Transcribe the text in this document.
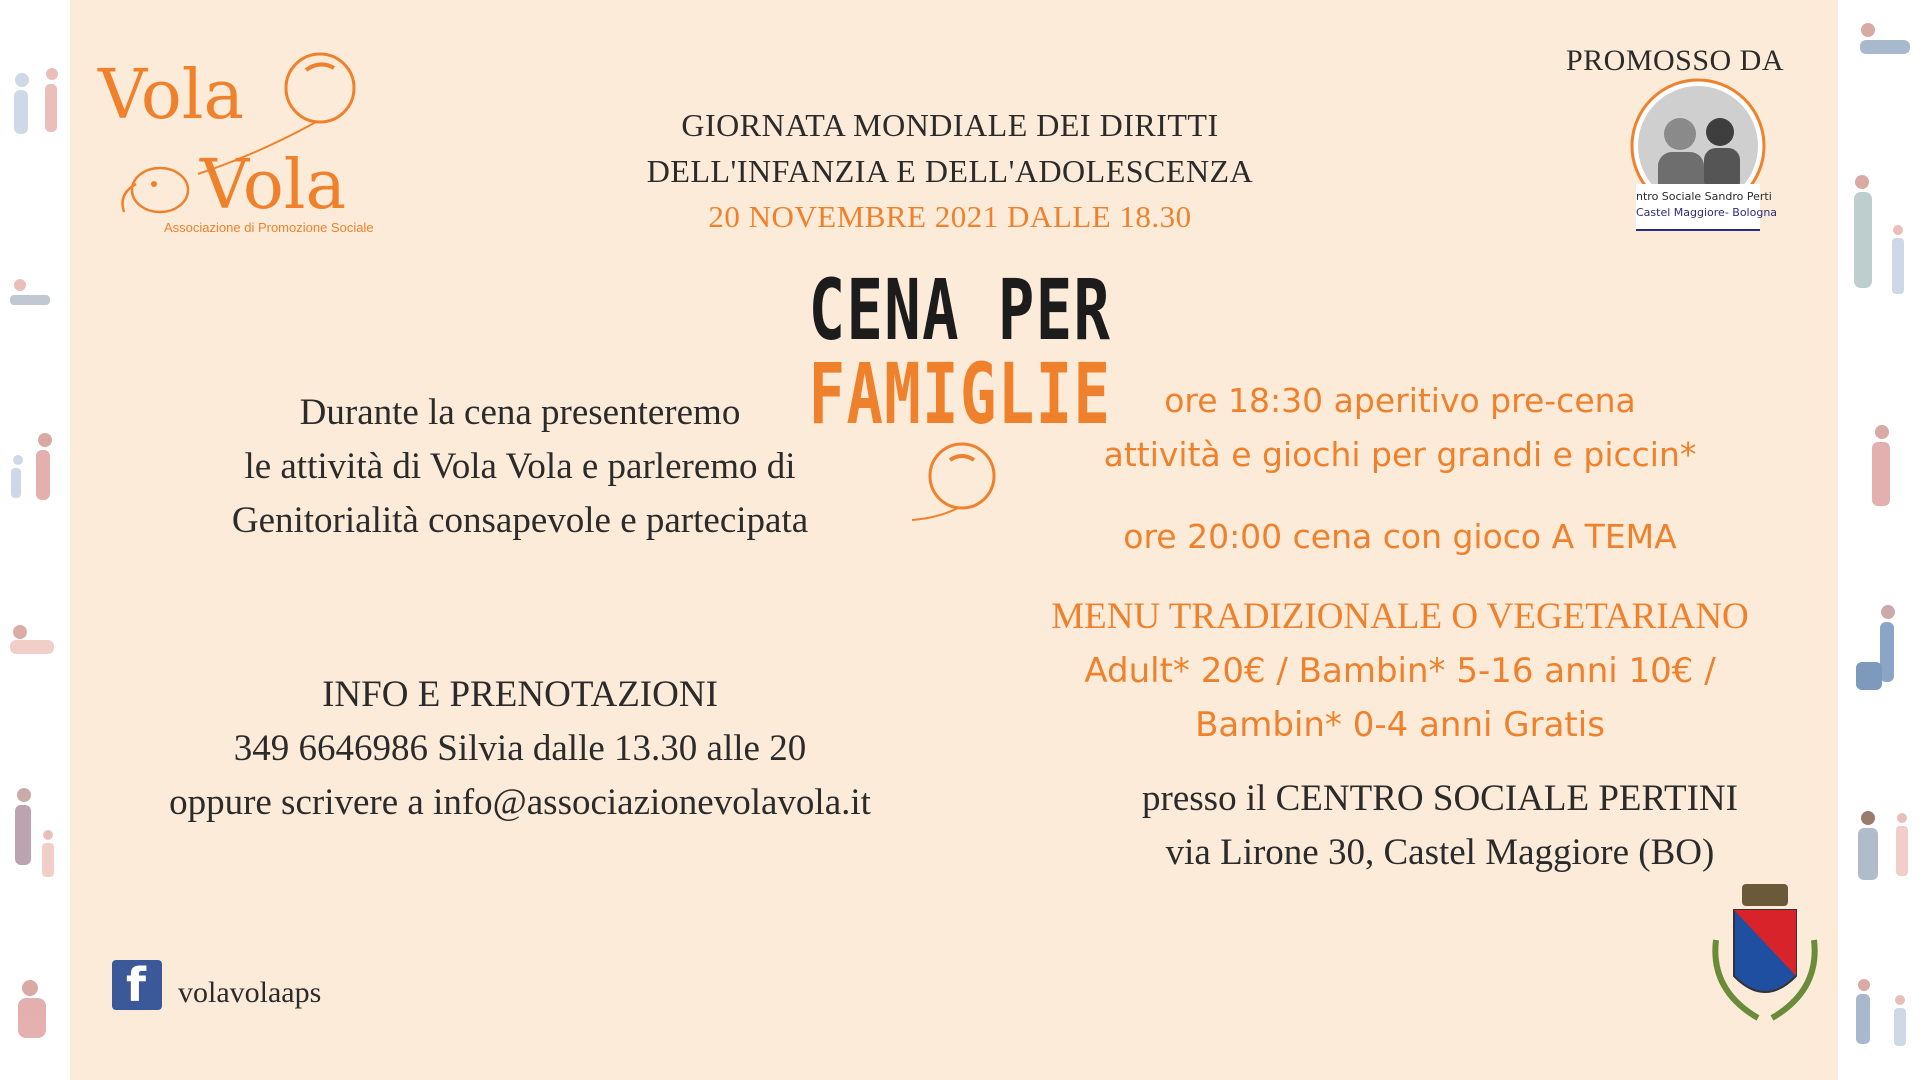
Vola
Vola
Associazione di Promozione Sociale
GIORNATA MONDIALE DEI DIRITTI
DELL'INFANZIA E DELL'ADOLESCENZA
20 NOVEMBRE 2021 DALLE 18.30
CENA PER FAMIGLIE
PROMOSSO DA
ntro Sociale Sandro Perti
Castel Maggiore- Bologna
Durante la cena presenteremo
le attività di Vola Vola e parleremo di
Genitorialità consapevole e partecipata
ore 18:30 aperitivo pre-cena
attività e giochi per grandi e piccin*
ore 20:00 cena con gioco A TEMA
MENU TRADIZIONALE O VEGETARIANO
Adult* 20€ / Bambin* 5-16 anni 10€ /
Bambin* 0-4 anni Gratis
presso il CENTRO SOCIALE PERTINI
via Lirone 30, Castel Maggiore (BO)
INFO E PRENOTAZIONI
349 6646986 Silvia dalle 13.30 alle 20
oppure scrivere a info@associazionevolavola.it
f volavolaaps
